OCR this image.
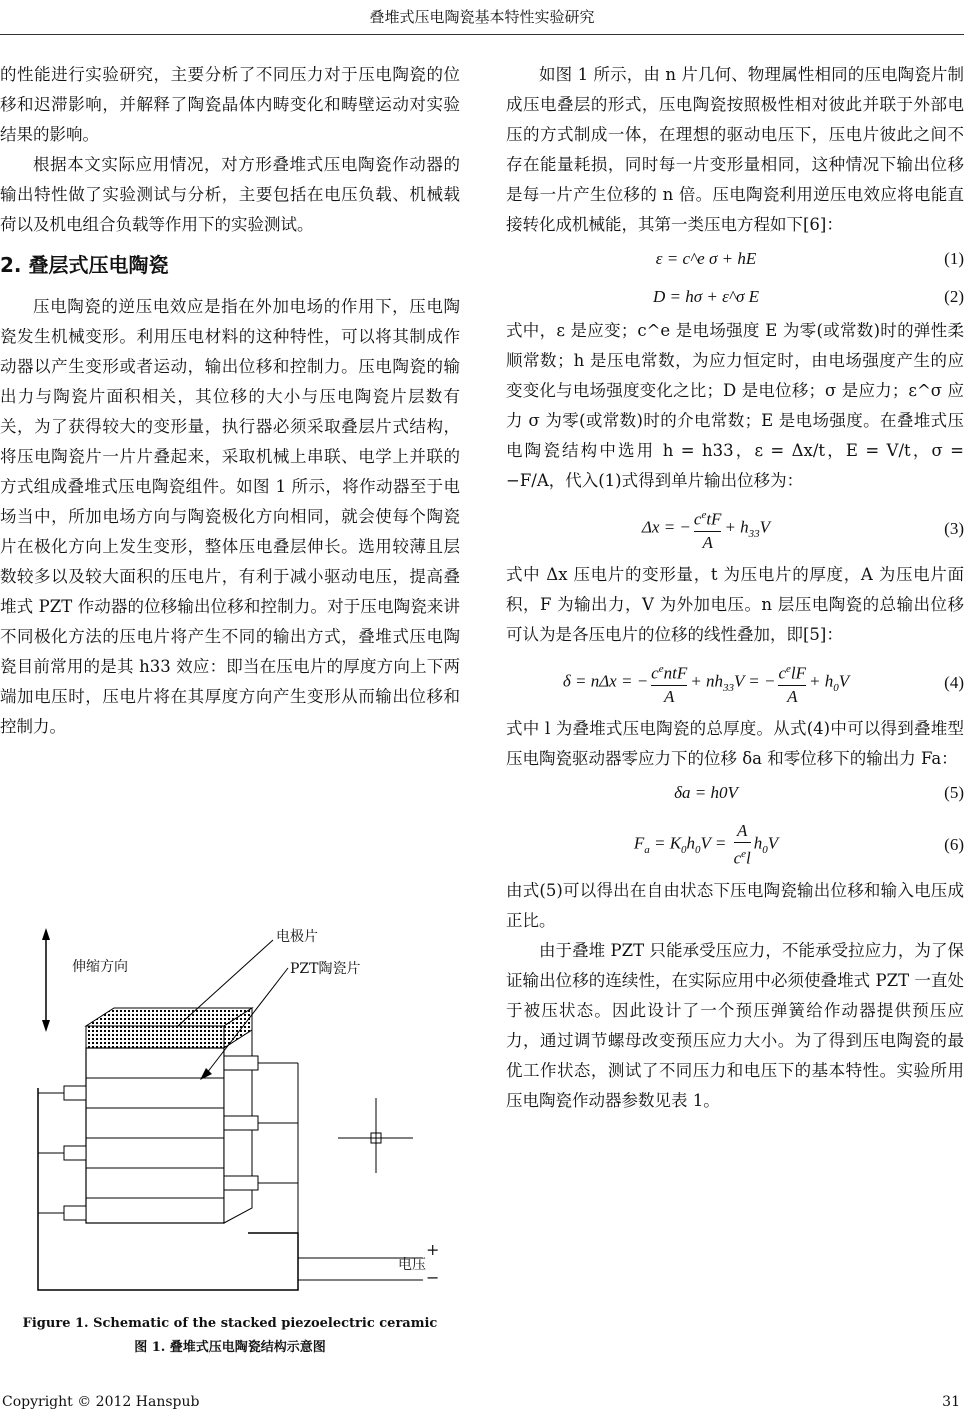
叠堆式压电陶瓷基本特性实验研究

的性能进行实验研究，主要分析了不同压力对于压电陶瓷的位移和迟滞影响，并解释了陶瓷晶体内畴变化和畴壁运动对实验结果的影响。

根据本文实际应用情况，对方形叠堆式压电陶瓷作动器的输出特性做了实验测试与分析，主要包括在电压负载、机械载荷以及机电组合负载等作用下的实验测试。

2. 叠层式压电陶瓷

压电陶瓷的逆压电效应是指在外加电场的作用下，压电陶瓷发生机械变形。利用压电材料的这种特性，可以将其制成作动器以产生变形或者运动，输出位移和控制力。压电陶瓷的输出力与陶瓷片面积相关，其位移的大小与压电陶瓷片层数有关，为了获得较大的变形量，执行器必须采取叠层片式结构，将压电陶瓷片一片片叠起来，采取机械上串联、电学上并联的方式组成叠堆式压电陶瓷组件。如图 1 所示，将作动器至于电场当中，所加电场方向与陶瓷极化方向相同，就会使每个陶瓷片在极化方向上发生变形，整体压电叠层伸长。选用较薄且层数较多以及较大面积的压电片，有利于减小驱动电压，提高叠堆式 PZT 作动器的位移输出位移和控制力。对于压电陶瓷来讲不同极化方法的压电片将产生不同的输出方式，叠堆式压电陶瓷目前常用的是其 h33 效应：即当在压电片的厚度方向上下两端加电压时，压电片将在其厚度方向产生变形从而输出位移和控制力。

伸缩方向
电极片
PZT陶瓷片
+
电压
−
Figure 1. Schematic of the stacked piezoelectric ceramic
图 1. 叠堆式压电陶瓷结构示意图

如图 1 所示，由 n 片几何、物理属性相同的压电陶瓷片制成压电叠层的形式，压电陶瓷按照极性相对彼此并联于外部电压的方式制成一体，在理想的驱动电压下，压电片彼此之间不存在能量耗损，同时每一片变形量相同，这种情况下输出位移是每一片产生位移的 n 倍。压电陶瓷利用逆压电效应将电能直接转化成机械能，其第一类压电方程如下[6]：

ε = c^e σ + hE	(1)
D = hσ + ε^σ E	(2)

式中，ε 是应变；c^e 是电场强度 E 为零(或常数)时的弹性柔顺常数；h 是压电常数，为应力恒定时，由电场强度产生的应变变化与电场强度变化之比；D 是电位移；σ 是应力；ε^σ 应力 σ 为零(或常数)时的介电常数；E 是电场强度。在叠堆式压电陶瓷结构中选用 h = h33，ε = Δx/t，E = V/t，σ = −F/A，代入(1)式得到单片输出位移为：

Δx = − $\frac{c^etF}{A} + h_{33}V$	(3)

式中 Δx 压电片的变形量，t 为压电片的厚度，A 为压电片面积，F 为输出力，V 为外加电压。n 层压电陶瓷的总输出位移可认为是各压电片的位移的线性叠加，即[5]：

δ = nΔx = − $\frac{c^entF}{A} + nh_{33}V$ = − $\frac{c^elF}{A} + h_0V$	(4)

式中 l 为叠堆式压电陶瓷的总厚度。从式(4)中可以得到叠堆型压电陶瓷驱动器零应力下的位移 δa 和零位移下的输出力 Fa：

δa = h0V	(5)
$F_a = K_0h_0V = \frac{A}{c^el} h_0V$	(6)

由式(5)可以得出在自由状态下压电陶瓷输出位移和输入电压成正比。

由于叠堆 PZT 只能承受压应力，不能承受拉应力，为了保证输出位移的连续性，在实际应用中必须使叠堆式 PZT 一直处于被压状态。因此设计了一个预压弹簧给作动器提供预压应力，通过调节螺母改变预压应力大小。为了得到压电陶瓷的最优工作状态，测试了不同压力和电压下的基本特性。实验所用压电陶瓷作动器参数见表 1。

Copyright © 2012 Hanspub	31
